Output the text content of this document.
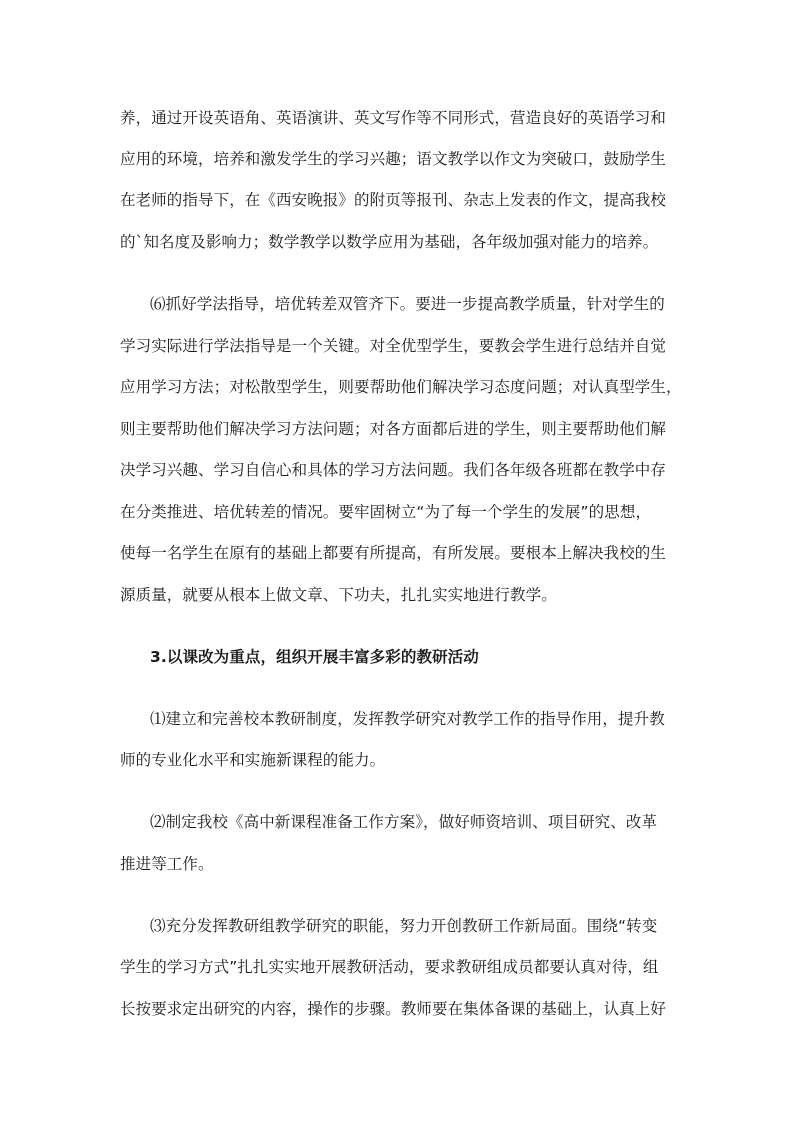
养，通过开设英语角、英语演讲、英文写作等不同形式，营造良好的英语学习和
应用的环境，培养和激发学生的学习兴趣；语文教学以作文为突破口，鼓励学生
在老师的指导下，在《西安晚报》的附页等报刊、杂志上发表的作文，提高我校
的`知名度及影响力；数学教学以数学应用为基础，各年级加强对能力的培养。
⑹抓好学法指导，培优转差双管齐下。要进一步提高教学质量，针对学生的
学习实际进行学法指导是一个关键。对全优型学生，要教会学生进行总结并自觉
应用学习方法；对松散型学生，则要帮助他们解决学习态度问题；对认真型学生，
则主要帮助他们解决学习方法问题；对各方面都后进的学生，则主要帮助他们解
决学习兴趣、学习自信心和具体的学习方法问题。我们各年级各班都在教学中存
在分类推进、培优转差的情况。要牢固树立“为了每一个学生的发展”的思想，
使每一名学生在原有的基础上都要有所提高，有所发展。要根本上解决我校的生
源质量，就要从根本上做文章、下功夫，扎扎实实地进行教学。
3.以课改为重点，组织开展丰富多彩的教研活动
⑴建立和完善校本教研制度，发挥教学研究对教学工作的指导作用，提升教
师的专业化水平和实施新课程的能力。
⑵制定我校《高中新课程准备工作方案》，做好师资培训、项目研究、改革
推进等工作。
⑶充分发挥教研组教学研究的职能，努力开创教研工作新局面。围绕“转变
学生的学习方式”扎扎实实地开展教研活动，要求教研组成员都要认真对待，组
长按要求定出研究的内容，操作的步骤。教师要在集体备课的基础上，认真上好
